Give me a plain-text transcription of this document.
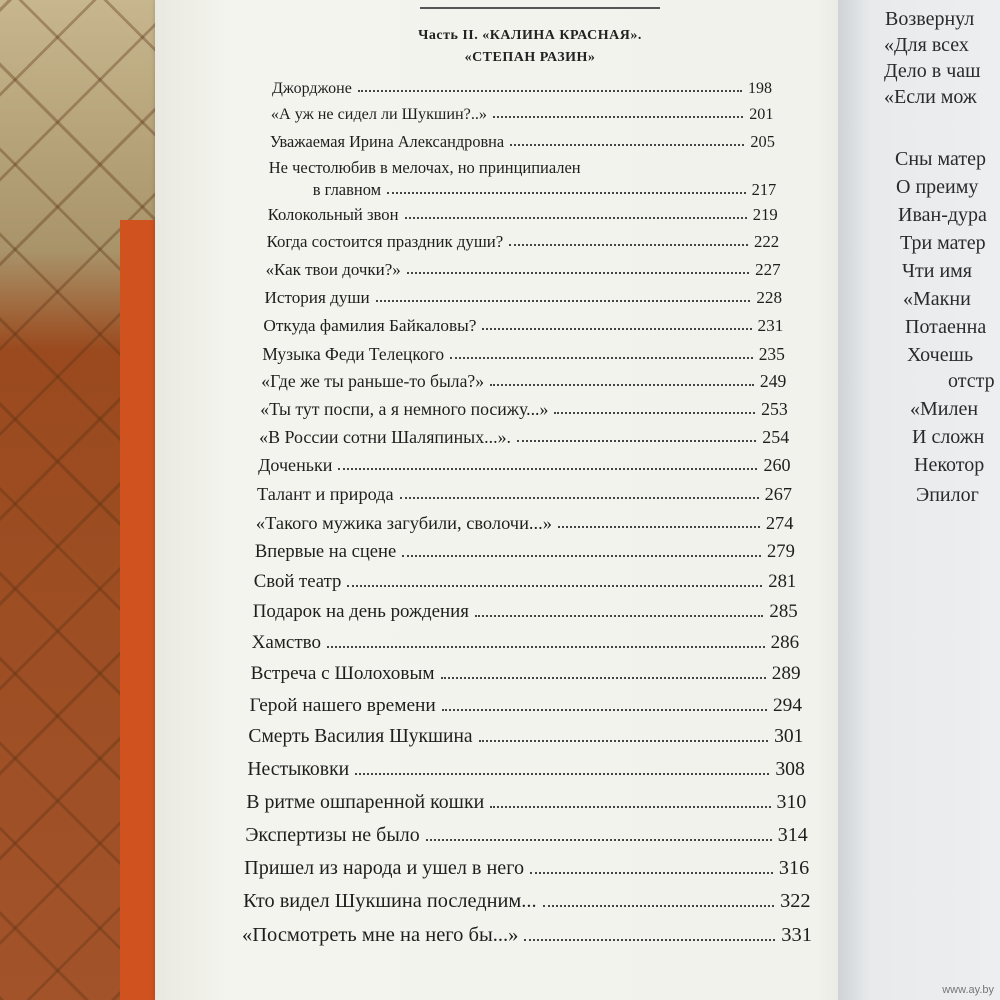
Часть II. «КАЛИНА КРАСНАЯ».
«СТЕПАН РАЗИН»
Джорджоне	198
«А уж не сидел ли Шукшин?..»	201
Уважаемая Ирина Александровна	205
Не честолюбив в мелочах, но принципиален
в главном	217
Колокольный звон	219
Когда состоится праздник души?	222
«Как твои дочки?»	227
История души	228
Откуда фамилия Байкаловы?	231
Музыка Феди Телецкого	235
«Где же ты раньше-то была?»	249
«Ты тут поспи, а я немного посижу...»	253
«В России сотни Шаляпиных...».	254
Доченьки	260
Талант и природа	267
«Такого мужика загубили, сволочи...»	274
Впервые на сцене	279
Свой театр	281
Подарок на день рождения	285
Хамство	286
Встреча с Шолоховым	289
Герой нашего времени	294
Смерть Василия Шукшина	301
Нестыковки	308
В ритме ошпаренной кошки	310
Экспертизы не было	314
Пришел из народа и ушел в него	316
Кто видел Шукшина последним...	322
«Посмотреть мне на него бы...»	331
Возвернул
«Для всех
Дело в чаш
«Если мож
Сны матер
О преиму
Иван-дура
Три матер
Чти имя
«Макни
Потаенна
Хочешь
отстр
«Милен
И сложн
Некотор
Эпилог
www.ay.by
